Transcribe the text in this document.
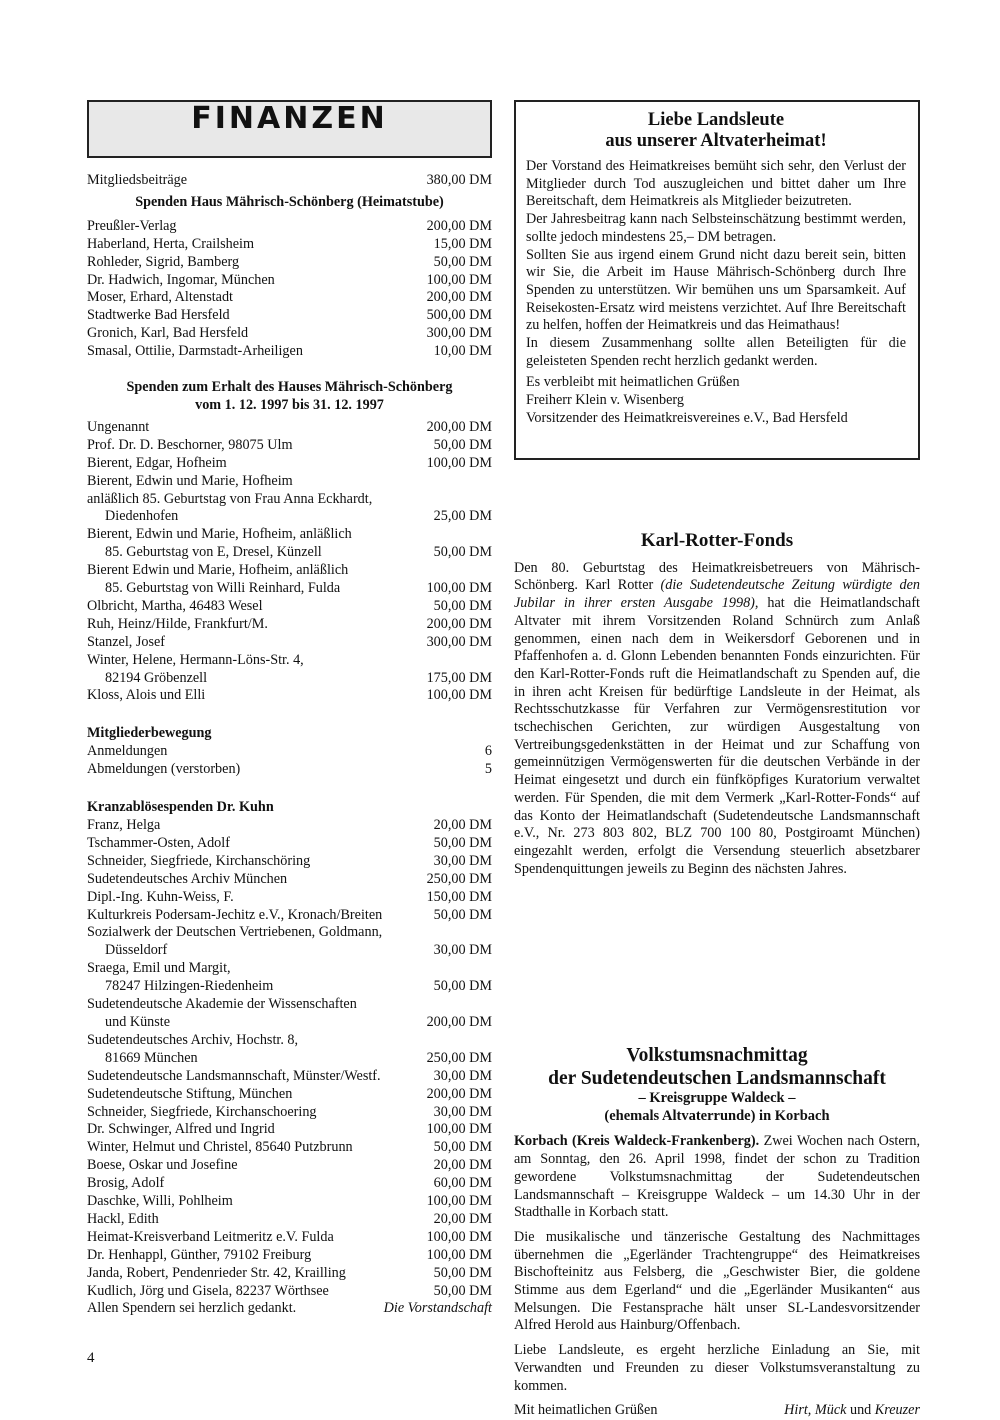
FINANZEN
Mitgliedsbeiträge	380,00 DM
Spenden Haus Mährisch-Schönberg (Heimatstube)
Preußler-Verlag	200,00 DM
Haberland, Herta, Crailsheim	15,00 DM
Rohleder, Sigrid, Bamberg	50,00 DM
Dr. Hadwich, Ingomar, München	100,00 DM
Moser, Erhard, Altenstadt	200,00 DM
Stadtwerke Bad Hersfeld	500,00 DM
Gronich, Karl, Bad Hersfeld	300,00 DM
Smasal, Ottilie, Darmstadt-Arheiligen	10,00 DM
Spenden zum Erhalt des Hauses Mährisch-Schönberg
vom 1. 12. 1997 bis 31. 12. 1997
Ungenannt	200,00 DM
Prof. Dr. D. Beschorner, 98075 Ulm	50,00 DM
Bierent, Edgar, Hofheim	100,00 DM
Bierent, Edwin und Marie, Hofheim
anläßlich 85. Geburtstag von Frau Anna Eckhardt,
Diedenhofen	25,00 DM
Bierent, Edwin und Marie, Hofheim, anläßlich
85. Geburtstag von E, Dresel, Künzell	50,00 DM
Bierent Edwin und Marie, Hofheim, anläßlich
85. Geburtstag von Willi Reinhard, Fulda	100,00 DM
Olbricht, Martha, 46483 Wesel	50,00 DM
Ruh, Heinz/Hilde, Frankfurt/M.	200,00 DM
Stanzel, Josef	300,00 DM
Winter, Helene, Hermann-Löns-Str. 4,
82194 Gröbenzell	175,00 DM
Kloss, Alois und Elli	100,00 DM
Mitgliederbewegung
Anmeldungen	6
Abmeldungen (verstorben)	5
Kranzablösespenden Dr. Kuhn
Franz, Helga	20,00 DM
Tschammer-Osten, Adolf	50,00 DM
Schneider, Siegfriede, Kirchanschöring	30,00 DM
Sudetendeutsches Archiv München	250,00 DM
Dipl.-Ing. Kuhn-Weiss, F.	150,00 DM
Kulturkreis Podersam-Jechitz e.V., Kronach/Breiten	50,00 DM
Sozialwerk der Deutschen Vertriebenen, Goldmann,
Düsseldorf	30,00 DM
Sraega, Emil und Margit,
78247 Hilzingen-Riedenheim	50,00 DM
Sudetendeutsche Akademie der Wissenschaften
und Künste	200,00 DM
Sudetendeutsches Archiv, Hochstr. 8,
81669 München	250,00 DM
Sudetendeutsche Landsmannschaft, Münster/Westf.	30,00 DM
Sudetendeutsche Stiftung, München	200,00 DM
Schneider, Siegfriede, Kirchanschoering	30,00 DM
Dr. Schwinger, Alfred und Ingrid	100,00 DM
Winter, Helmut und Christel, 85640 Putzbrunn	50,00 DM
Boese, Oskar und Josefine	20,00 DM
Brosig, Adolf	60,00 DM
Daschke, Willi, Pohlheim	100,00 DM
Hackl, Edith	20,00 DM
Heimat-Kreisverband Leitmeritz e.V. Fulda	100,00 DM
Dr. Henhappl, Günther, 79102 Freiburg	100,00 DM
Janda, Robert, Pendenrieder Str. 42, Krailling	50,00 DM
Kudlich, Jörg und Gisela, 82237 Wörthsee	50,00 DM
Allen Spendern sei herzlich gedankt.	Die Vorstandschaft
Liebe Landsleute
aus unserer Altvaterheimat!

Der Vorstand des Heimatkreises bemüht sich sehr, den Verlust der Mitglieder durch Tod auszugleichen und bittet daher um Ihre Bereitschaft, dem Heimatkreis als Mitglieder beizutreten.

Der Jahresbeitrag kann nach Selbsteinschätzung bestimmt werden, sollte jedoch mindestens 25,– DM betragen.

Sollten Sie aus irgend einem Grund nicht dazu bereit sein, bitten wir Sie, die Arbeit im Hause Mährisch-Schönberg durch Ihre Spenden zu unterstützen. Wir bemühen uns um Sparsamkeit. Auf Reisekosten-Ersatz wird meistens verzichtet. Auf Ihre Bereitschaft zu helfen, hoffen der Heimatkreis und das Heimathaus!

In diesem Zusammenhang sollte allen Beteiligten für die geleisteten Spenden recht herzlich gedankt werden.

Es verbleibt mit heimatlichen Grüßen

Freiherr Klein v. Wisenberg

Vorsitzender des Heimatkreisvereines e.V., Bad Hersfeld

Karl-Rotter-Fonds

Den 80. Geburtstag des Heimatkreisbetreuers von Mährisch-Schönberg. Karl Rotter (die Sudetendeutsche Zeitung würdigte den Jubilar in ihrer ersten Ausgabe 1998), hat die Heimatlandschaft Altvater mit ihrem Vorsitzenden Roland Schnürch zum Anlaß genommen, einen nach dem in Weikersdorf Geborenen und in Pfaffenhofen a. d. Glonn Lebenden benannten Fonds einzurichten. Für den Karl-Rotter-Fonds ruft die Heimatlandschaft zu Spenden auf, die in ihren acht Kreisen für bedürftige Landsleute in der Heimat, als Rechtsschutzkasse für Verfahren zur Vermögensrestitution vor tschechischen Gerichten, zur würdigen Ausgestaltung von Vertreibungsgedenkstätten in der Heimat und zur Schaffung von gemeinnützigen Vermögenswerten für die deutschen Verbände in der Heimat eingesetzt und durch ein fünfköpfiges Kuratorium verwaltet werden. Für Spenden, die mit dem Vermerk „Karl-Rotter-Fonds“ auf das Konto der Heimatlandschaft (Sudetendeutsche Landsmannschaft e.V., Nr. 273 803 802, BLZ 700 100 80, Postgiroamt München) eingezahlt werden, erfolgt die Versendung steuerlich absetzbarer Spendenquittungen jeweils zu Beginn des nächsten Jahres.

Volkstumsnachmittag
der Sudetendeutschen Landsmannschaft
– Kreisgruppe Waldeck –
(ehemals Altvaterrunde) in Korbach

Korbach (Kreis Waldeck-Frankenberg). Zwei Wochen nach Ostern, am Sonntag, den 26. April 1998, findet der schon zu Tradition gewordene Volkstumsnachmittag der Sudetendeutschen Landsmannschaft – Kreisgruppe Waldeck – um 14.30 Uhr in der Stadthalle in Korbach statt.

Die musikalische und tänzerische Gestaltung des Nachmittages übernehmen die „Egerländer Trachtengruppe“ des Heimatkreises Bischofteinitz aus Felsberg, die „Geschwister Bier, die goldene Stimme aus dem Egerland“ und die „Egerländer Musikanten“ aus Melsungen. Die Festansprache hält unser SL-Landesvorsitzender Alfred Herold aus Hainburg/Offenbach.

Liebe Landsleute, es ergeht herzliche Einladung an Sie, mit Verwandten und Freunden zu dieser Volkstumsveranstaltung zu kommen.

Mit heimatlichen Grüßen	Hirt, Mück und Kreuzer
4
